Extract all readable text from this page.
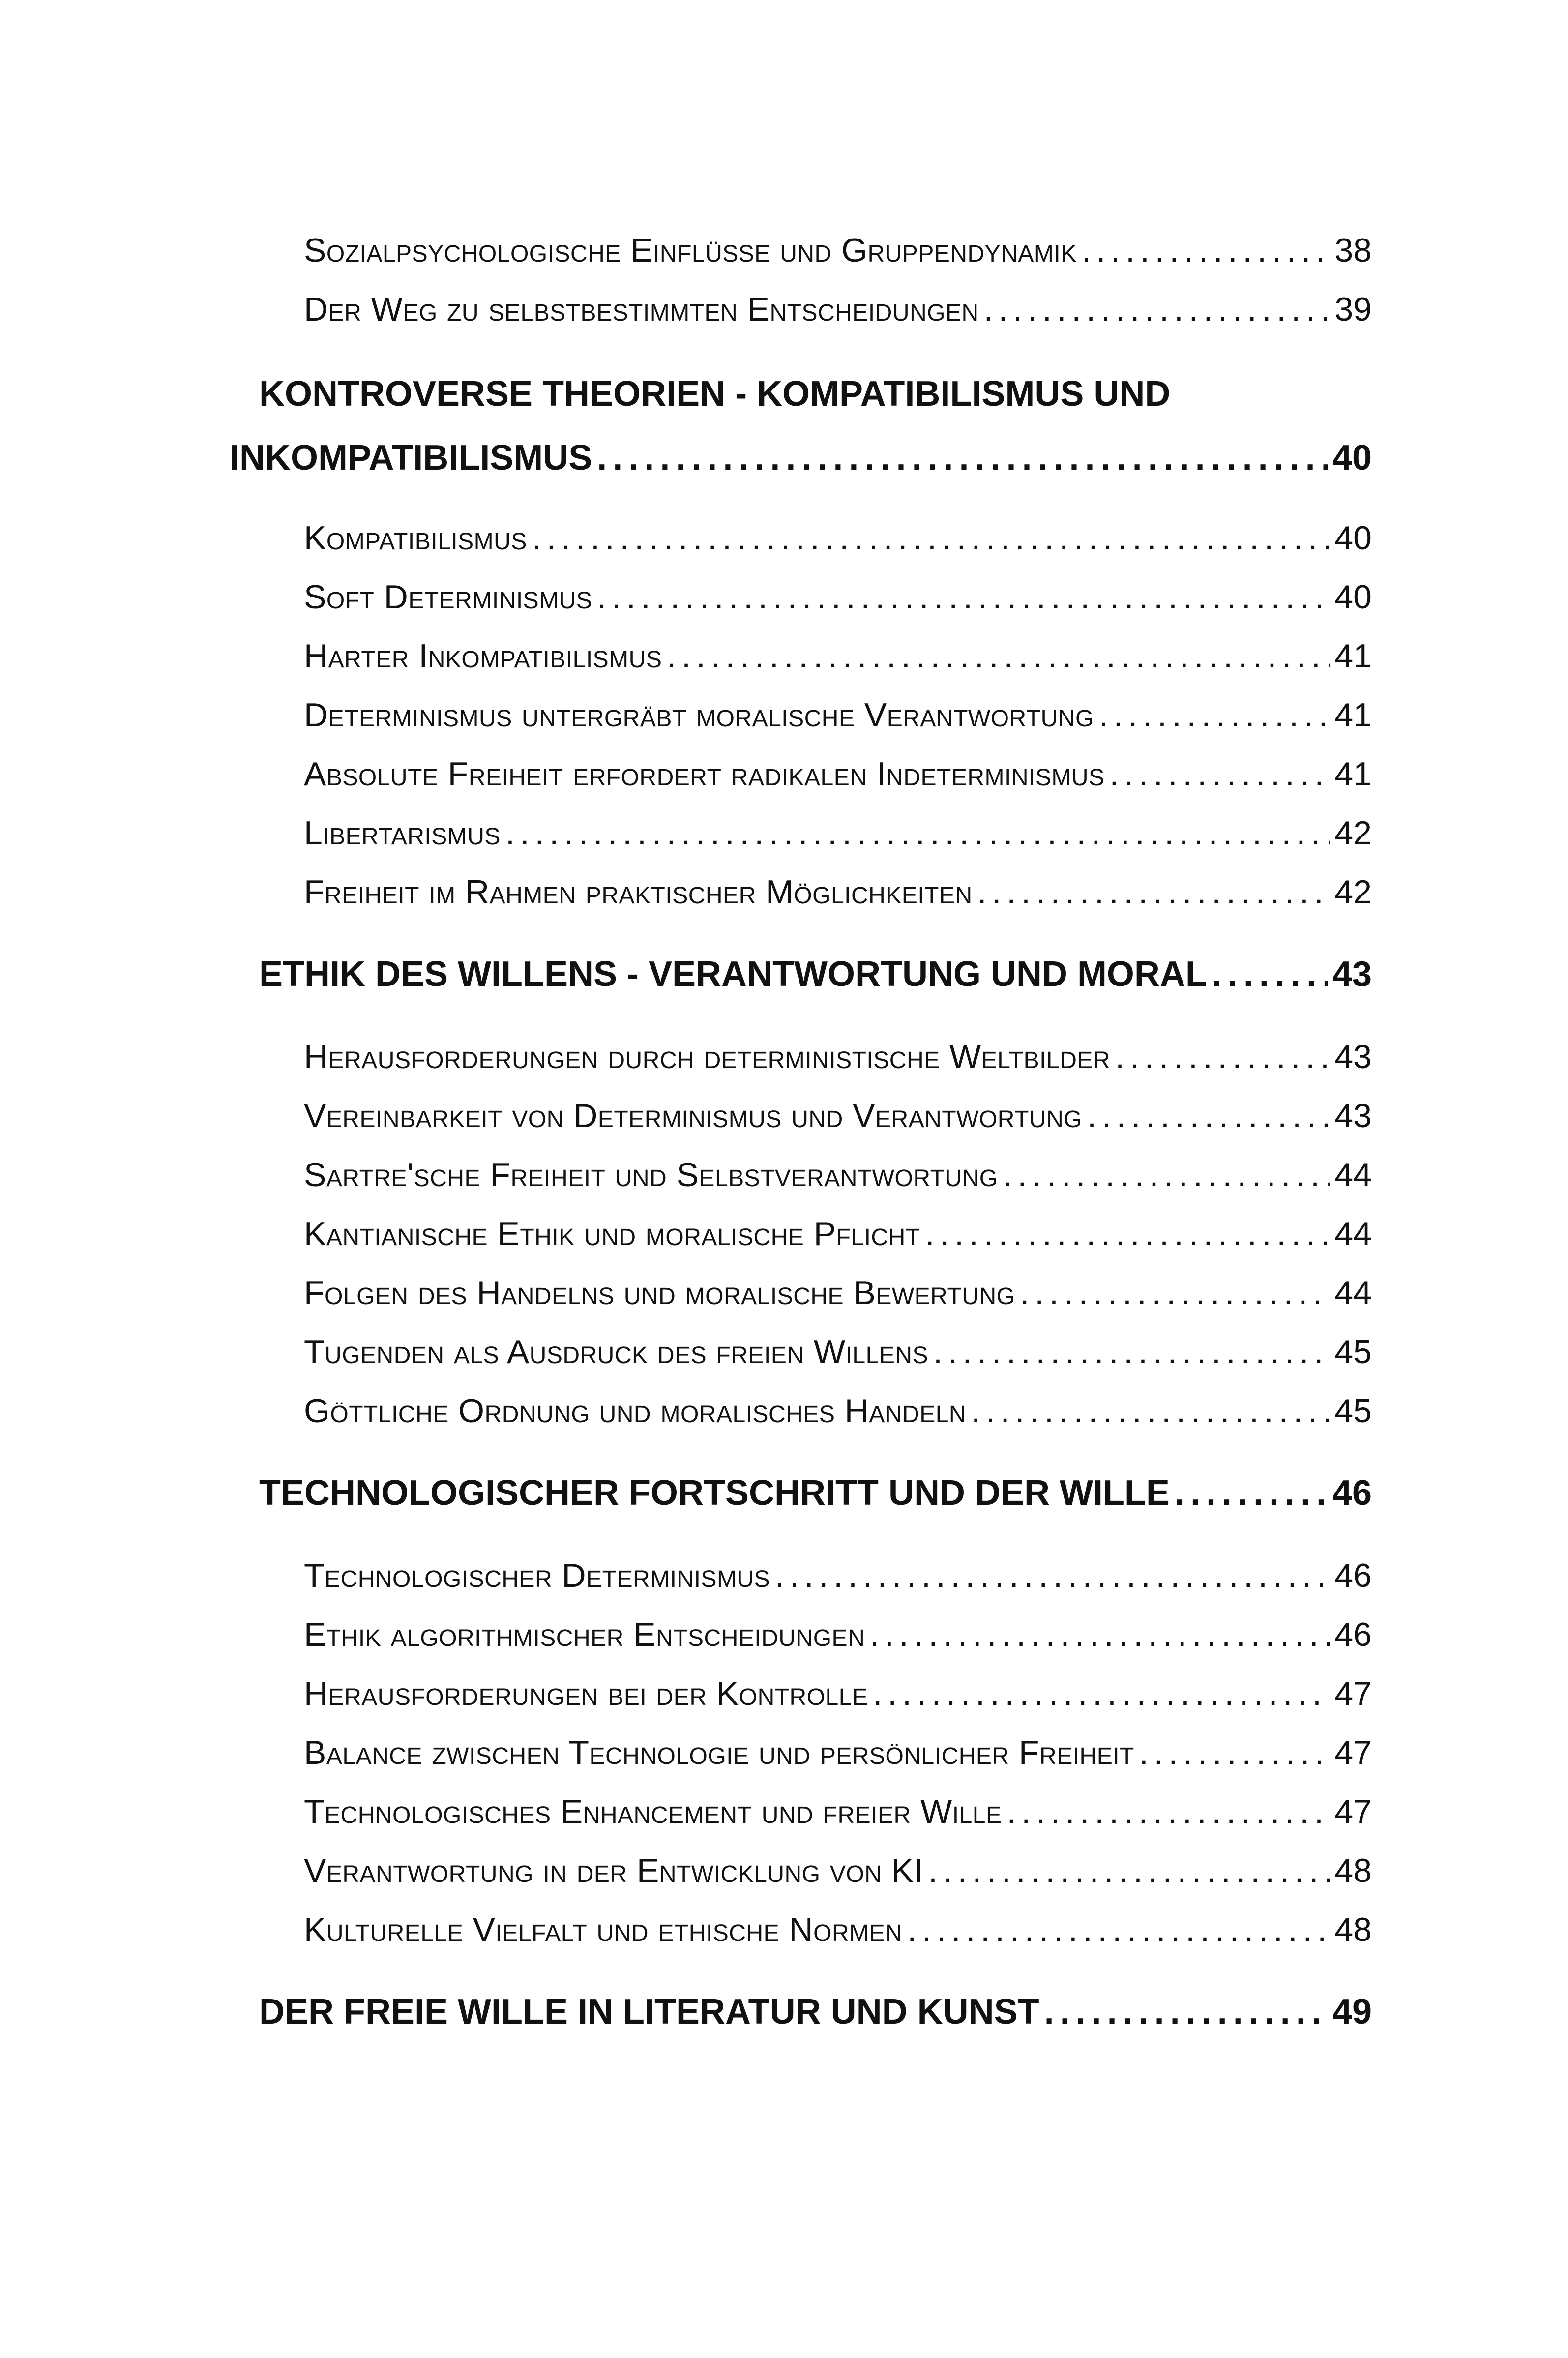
Sozialpsychologische Einflüsse und Gruppendynamik . . .	38
Der Weg zu selbstbestimmten Entscheidungen . . .	39
KONTROVERSE THEORIEN - KOMPATIBILISMUS UND
INKOMPATIBILISMUS . . .	40
Kompatibilismus . . .	40
Soft Determinismus . . .	40
Harter Inkompatibilismus . . .	41
Determinismus untergräbt moralische Verantwortung . . .	41
Absolute Freiheit erfordert radikalen Indeterminismus . . .	41
Libertarismus . . .	42
Freiheit im Rahmen praktischer Möglichkeiten . . .	42
ETHIK DES WILLENS - VERANTWORTUNG UND MORAL . . .	43
Herausforderungen durch deterministische Weltbilder . . .	43
Vereinbarkeit von Determinismus und Verantwortung . . .	43
Sartre'sche Freiheit und Selbstverantwortung . . .	44
Kantianische Ethik und moralische Pflicht . . .	44
Folgen des Handelns und moralische Bewertung . . .	44
Tugenden als Ausdruck des freien Willens . . .	45
Göttliche Ordnung und moralisches Handeln . . .	45
TECHNOLOGISCHER FORTSCHRITT UND DER WILLE . . .	46
Technologischer Determinismus . . .	46
Ethik algorithmischer Entscheidungen . . .	46
Herausforderungen bei der Kontrolle . . .	47
Balance zwischen Technologie und persönlicher Freiheit . . .	47
Technologisches Enhancement und freier Wille . . .	47
Verantwortung in der Entwicklung von KI . . .	48
Kulturelle Vielfalt und ethische Normen . . .	48
DER FREIE WILLE IN LITERATUR UND KUNST . . .	49
